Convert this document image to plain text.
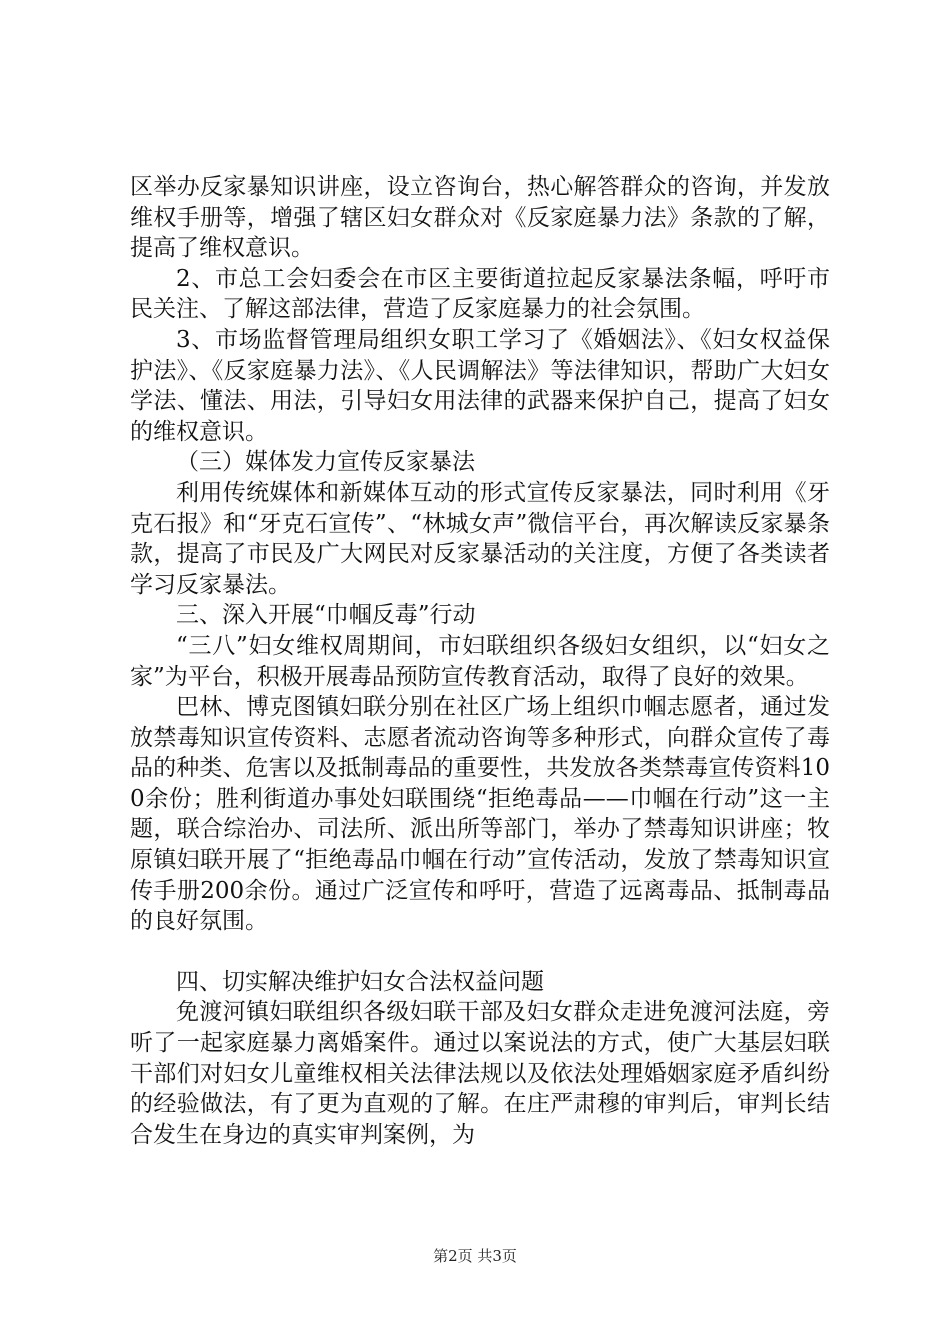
区举办反家暴知识讲座，设立咨询台，热心解答群众的咨询，并发放维权手册等，增强了辖区妇女群众对《反家庭暴力法》条款的了解，提高了维权意识。

2、市总工会妇委会在市区主要街道拉起反家暴法条幅，呼吁市民关注、了解这部法律，营造了反家庭暴力的社会氛围。

3、市场监督管理局组织女职工学习了《婚姻法》、《妇女权益保护法》、《反家庭暴力法》、《人民调解法》等法律知识，帮助广大妇女学法、懂法、用法，引导妇女用法律的武器来保护自己，提高了妇女的维权意识。

（三）媒体发力宣传反家暴法

利用传统媒体和新媒体互动的形式宣传反家暴法，同时利用《牙克石报》和“牙克石宣传”、“林城女声”微信平台，再次解读反家暴条款，提高了市民及广大网民对反家暴活动的关注度，方便了各类读者学习反家暴法。

三、深入开展“巾帼反毒”行动

“三八”妇女维权周期间，市妇联组织各级妇女组织，以“妇女之家”为平台，积极开展毒品预防宣传教育活动，取得了良好的效果。

巴林、博克图镇妇联分别在社区广场上组织巾帼志愿者，通过发放禁毒知识宣传资料、志愿者流动咨询等多种形式，向群众宣传了毒品的种类、危害以及抵制毒品的重要性，共发放各类禁毒宣传资料100余份；胜利街道办事处妇联围绕“拒绝毒品——巾帼在行动”这一主题，联合综治办、司法所、派出所等部门，举办了禁毒知识讲座；牧原镇妇联开展了“拒绝毒品巾帼在行动”宣传活动，发放了禁毒知识宣传手册200余份。通过广泛宣传和呼吁，营造了远离毒品、抵制毒品的良好氛围。

四、切实解决维护妇女合法权益问题

免渡河镇妇联组织各级妇联干部及妇女群众走进免渡河法庭，旁听了一起家庭暴力离婚案件。通过以案说法的方式，使广大基层妇联干部们对妇女儿童维权相关法律法规以及依法处理婚姻家庭矛盾纠纷的经验做法，有了更为直观的了解。在庄严肃穆的审判后，审判长结合发生在身边的真实审判案例，为

第2页 共3页
